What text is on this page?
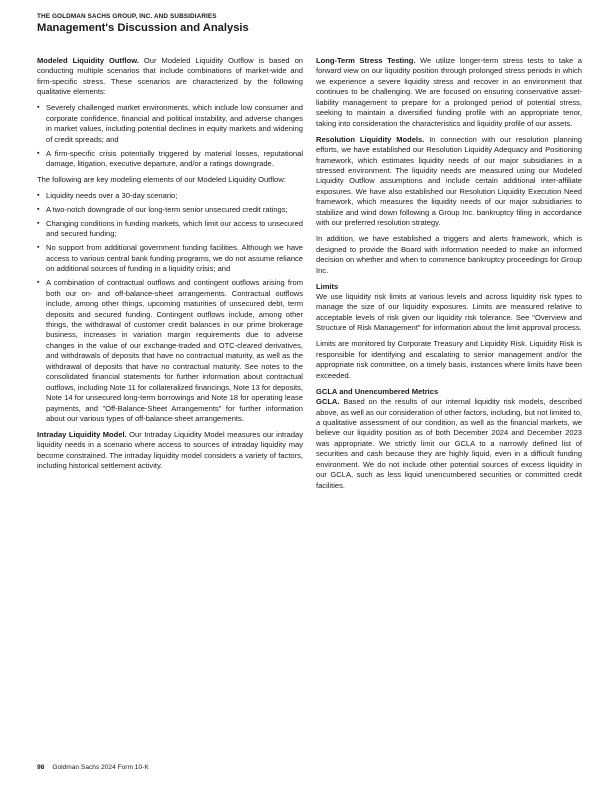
THE GOLDMAN SACHS GROUP, INC. AND SUBSIDIARIES
Management's Discussion and Analysis

Modeled Liquidity Outflow. Our Modeled Liquidity Outflow is based on conducting multiple scenarios that include combinations of market-wide and firm-specific stress. These scenarios are characterized by the following qualitative elements:

▪ Severely challenged market environments, which include low consumer and corporate confidence, financial and political instability, and adverse changes in market values, including potential declines in equity markets and widening of credit spreads; and
▪ A firm-specific crisis potentially triggered by material losses, reputational damage, litigation, executive departure, and/or a ratings downgrade.

The following are key modeling elements of our Modeled Liquidity Outflow:

▪ Liquidity needs over a 30-day scenario;
▪ A two-notch downgrade of our long-term senior unsecured credit ratings;
▪ Changing conditions in funding markets, which limit our access to unsecured and secured funding;
▪ No support from additional government funding facilities. Although we have access to various central bank funding programs, we do not assume reliance on additional sources of funding in a liquidity crisis; and
▪ A combination of contractual outflows and contingent outflows arising from both our on- and off-balance-sheet arrangements. Contractual outflows include, among other things, upcoming maturities of unsecured debt, term deposits and secured funding. Contingent outflows include, among other things, the withdrawal of customer credit balances in our prime brokerage business, increases in variation margin requirements due to adverse changes in the value of our exchange-traded and OTC-cleared derivatives, and withdrawals of deposits that have no contractual maturity, as well as the withdrawal of deposits that have no contractual maturity. See notes to the consolidated financial statements for further information about contractual outflows, including Note 11 for collateralized financings, Note 13 for deposits, Note 14 for unsecured long-term borrowings and Note 18 for operating lease payments, and "Off-Balance-Sheet Arrangements" for further information about our various types of off-balance-sheet arrangements.

Intraday Liquidity Model. Our Intraday Liquidity Model measures our intraday liquidity needs in a scenario where access to sources of intraday liquidity may become constrained. The intraday liquidity model considers a variety of factors, including historical settlement activity.

Long-Term Stress Testing. We utilize longer-term stress tests to take a forward view on our liquidity position through prolonged stress periods in which we experience a severe liquidity stress and recover in an environment that continues to be challenging. We are focused on ensuring conservative asset-liability management to prepare for a prolonged period of potential stress, seeking to maintain a diversified funding profile with an appropriate tenor, taking into consideration the characteristics and liquidity profile of our assets.

Resolution Liquidity Models. In connection with our resolution planning efforts, we have established our Resolution Liquidity Adequacy and Positioning framework, which estimates liquidity needs of our major subsidiaries in a stressed environment. The liquidity needs are measured using our Modeled Liquidity Outflow assumptions and include certain additional inter-affiliate exposures. We have also established our Resolution Liquidity Execution Need framework, which measures the liquidity needs of our major subsidiaries to stabilize and wind down following a Group Inc. bankruptcy filing in accordance with our preferred resolution strategy.

In addition, we have established a triggers and alerts framework, which is designed to provide the Board with information needed to make an informed decision on whether and when to commence bankruptcy proceedings for Group Inc.

Limits

We use liquidity risk limits at various levels and across liquidity risk types to manage the size of our liquidity exposures. Limits are measured relative to acceptable levels of risk given our liquidity risk tolerance. See "Overview and Structure of Risk Management" for information about the limit approval process.

Limits are monitored by Corporate Treasury and Liquidity Risk. Liquidity Risk is responsible for identifying and escalating to senior management and/or the appropriate risk committee, on a timely basis, instances where limits have been exceeded.

GCLA and Unencumbered Metrics

GCLA. Based on the results of our internal liquidity risk models, described above, as well as our consideration of other factors, including, but not limited to, a qualitative assessment of our condition, as well as the financial markets, we believe our liquidity position as of both December 2024 and December 2023 was appropriate. We strictly limit our GCLA to a narrowly defined list of securities and cash because they are highly liquid, even in a difficult funding environment. We do not include other potential sources of excess liquidity in our GCLA, such as less liquid unencumbered securities or committed credit facilities.

98 Goldman Sachs 2024 Form 10-K
